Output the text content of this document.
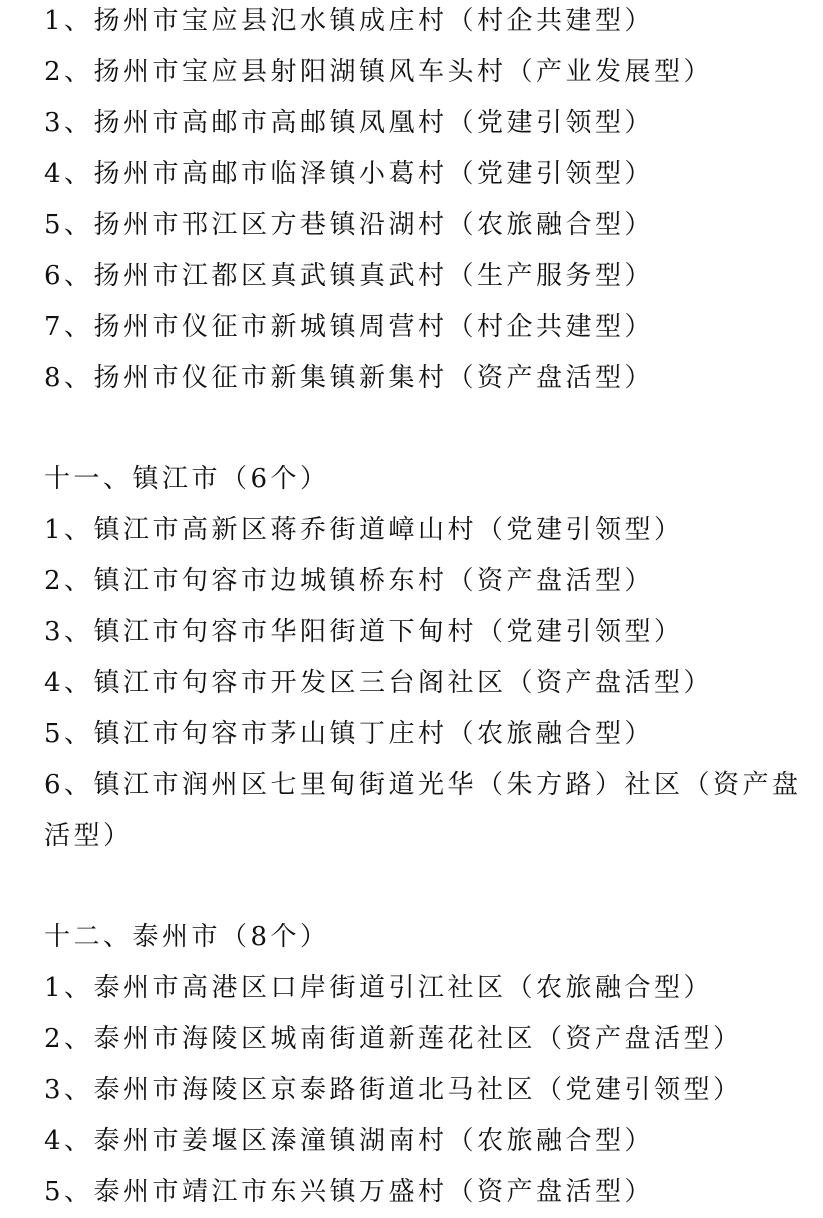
1、扬州市宝应县氾水镇成庄村（村企共建型）
2、扬州市宝应县射阳湖镇风车头村（产业发展型）
3、扬州市高邮市高邮镇凤凰村（党建引领型）
4、扬州市高邮市临泽镇小葛村（党建引领型）
5、扬州市邗江区方巷镇沿湖村（农旅融合型）
6、扬州市江都区真武镇真武村（生产服务型）
7、扬州市仪征市新城镇周营村（村企共建型）
8、扬州市仪征市新集镇新集村（资产盘活型）
十一、镇江市（6个）
1、镇江市高新区蒋乔街道嶂山村（党建引领型）
2、镇江市句容市边城镇桥东村（资产盘活型）
3、镇江市句容市华阳街道下甸村（党建引领型）
4、镇江市句容市开发区三台阁社区（资产盘活型）
5、镇江市句容市茅山镇丁庄村（农旅融合型）
6、镇江市润州区七里甸街道光华（朱方路）社区（资产盘
活型）
十二、泰州市（8个）
1、泰州市高港区口岸街道引江社区（农旅融合型）
2、泰州市海陵区城南街道新莲花社区（资产盘活型）
3、泰州市海陵区京泰路街道北马社区（党建引领型）
4、泰州市姜堰区溱潼镇湖南村（农旅融合型）
5、泰州市靖江市东兴镇万盛村（资产盘活型）
